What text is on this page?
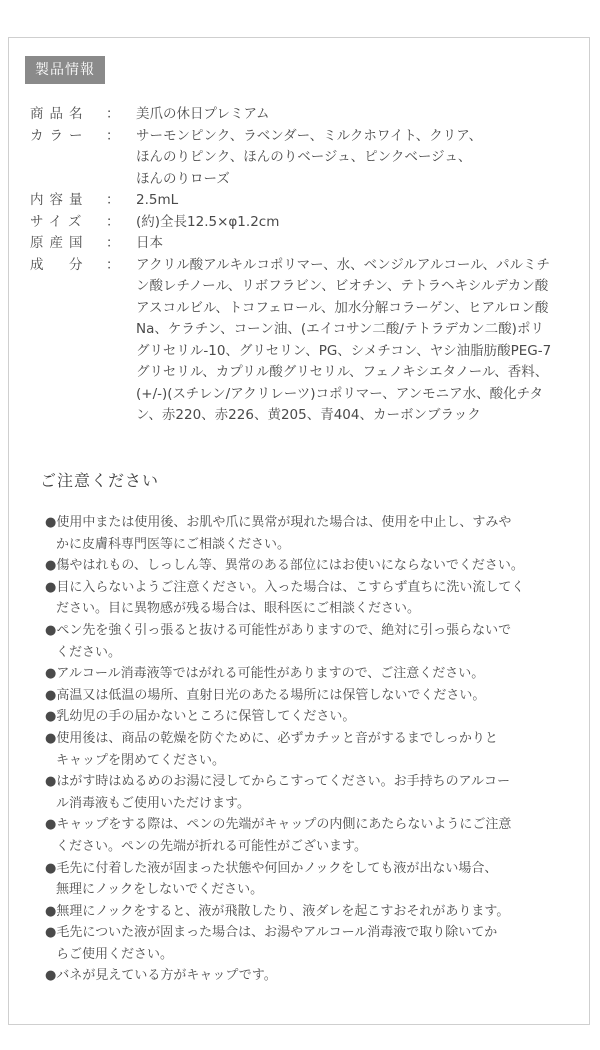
製品情報
商品名	：	美爪の休日プレミアム
カラー	：	サーモンピンク、ラベンダー、ミルクホワイト、クリア、
ほんのりピンク、ほんのりベージュ、ピンクベージュ、
ほんのりローズ
内容量	：	2.5mL
サイズ	：	(約)全長12.5×φ1.2cm
原産国	：	日本
成　分	：	アクリル酸アルキルコポリマー、水、ベンジルアルコール、パルミチ
ン酸レチノール、リボフラビン、ビオチン、テトラヘキシルデカン酸
アスコルビル、トコフェロール、加水分解コラーゲン、ヒアルロン酸
Na、ケラチン、コーン油、(エイコサン二酸/テトラデカン二酸)ポリ
グリセリル-10、グリセリン、PG、シメチコン、ヤシ油脂肪酸PEG-7
グリセリル、カプリル酸グリセリル、フェノキシエタノール、香料、
(+/-)(スチレン/アクリレーツ)コポリマー、アンモニア水、酸化チタ
ン、赤220、赤226、黄205、青404、カーボンブラック
ご注意ください
●使用中または使用後、お肌や爪に異常が現れた場合は、使用を中止し、すみや
かに皮膚科専門医等にご相談ください。
●傷やはれもの、しっしん等、異常のある部位にはお使いにならないでください。
●目に入らないようご注意ください。入った場合は、こすらず直ちに洗い流してく
ださい。目に異物感が残る場合は、眼科医にご相談ください。
●ペン先を強く引っ張ると抜ける可能性がありますので、絶対に引っ張らないで
ください。
●アルコール消毒液等ではがれる可能性がありますので、ご注意ください。
●高温又は低温の場所、直射日光のあたる場所には保管しないでください。
●乳幼児の手の届かないところに保管してください。
●使用後は、商品の乾燥を防ぐために、必ずカチッと音がするまでしっかりと
キャップを閉めてください。
●はがす時はぬるめのお湯に浸してからこすってください。お手持ちのアルコー
ル消毒液もご使用いただけます。
●キャップをする際は、ペンの先端がキャップの内側にあたらないようにご注意
ください。ペンの先端が折れる可能性がございます。
●毛先に付着した液が固まった状態や何回かノックをしても液が出ない場合、
無理にノックをしないでください。
●無理にノックをすると、液が飛散したり、液ダレを起こすおそれがあります。
●毛先についた液が固まった場合は、お湯やアルコール消毒液で取り除いてか
らご使用ください。
●バネが見えている方がキャップです。
